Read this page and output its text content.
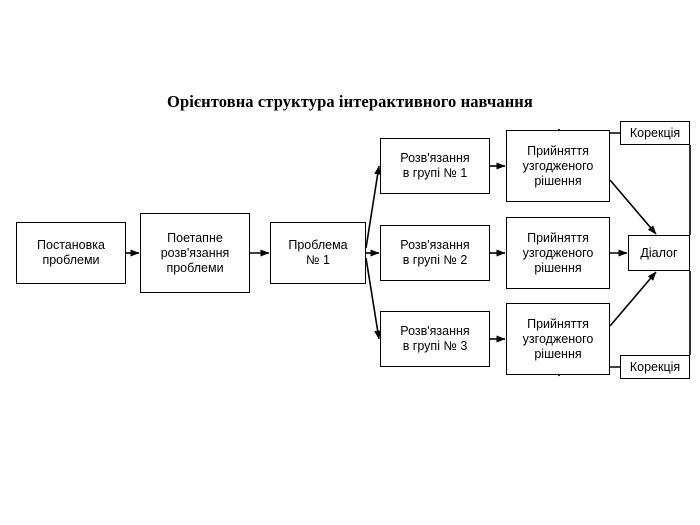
Орієнтовна структура інтерактивного навчання
Постановка
проблеми
Поетапне
розв'язання
проблеми
Проблема
№ 1
Розв'язання
в групі № 1
Розв'язання
в групі № 2
Розв'язання
в групі № 3
Прийняття
узгодженого
рішення
Прийняття
узгодженого
рішення
Прийняття
узгодженого
рішення
Діалог
Корекція
Корекція
